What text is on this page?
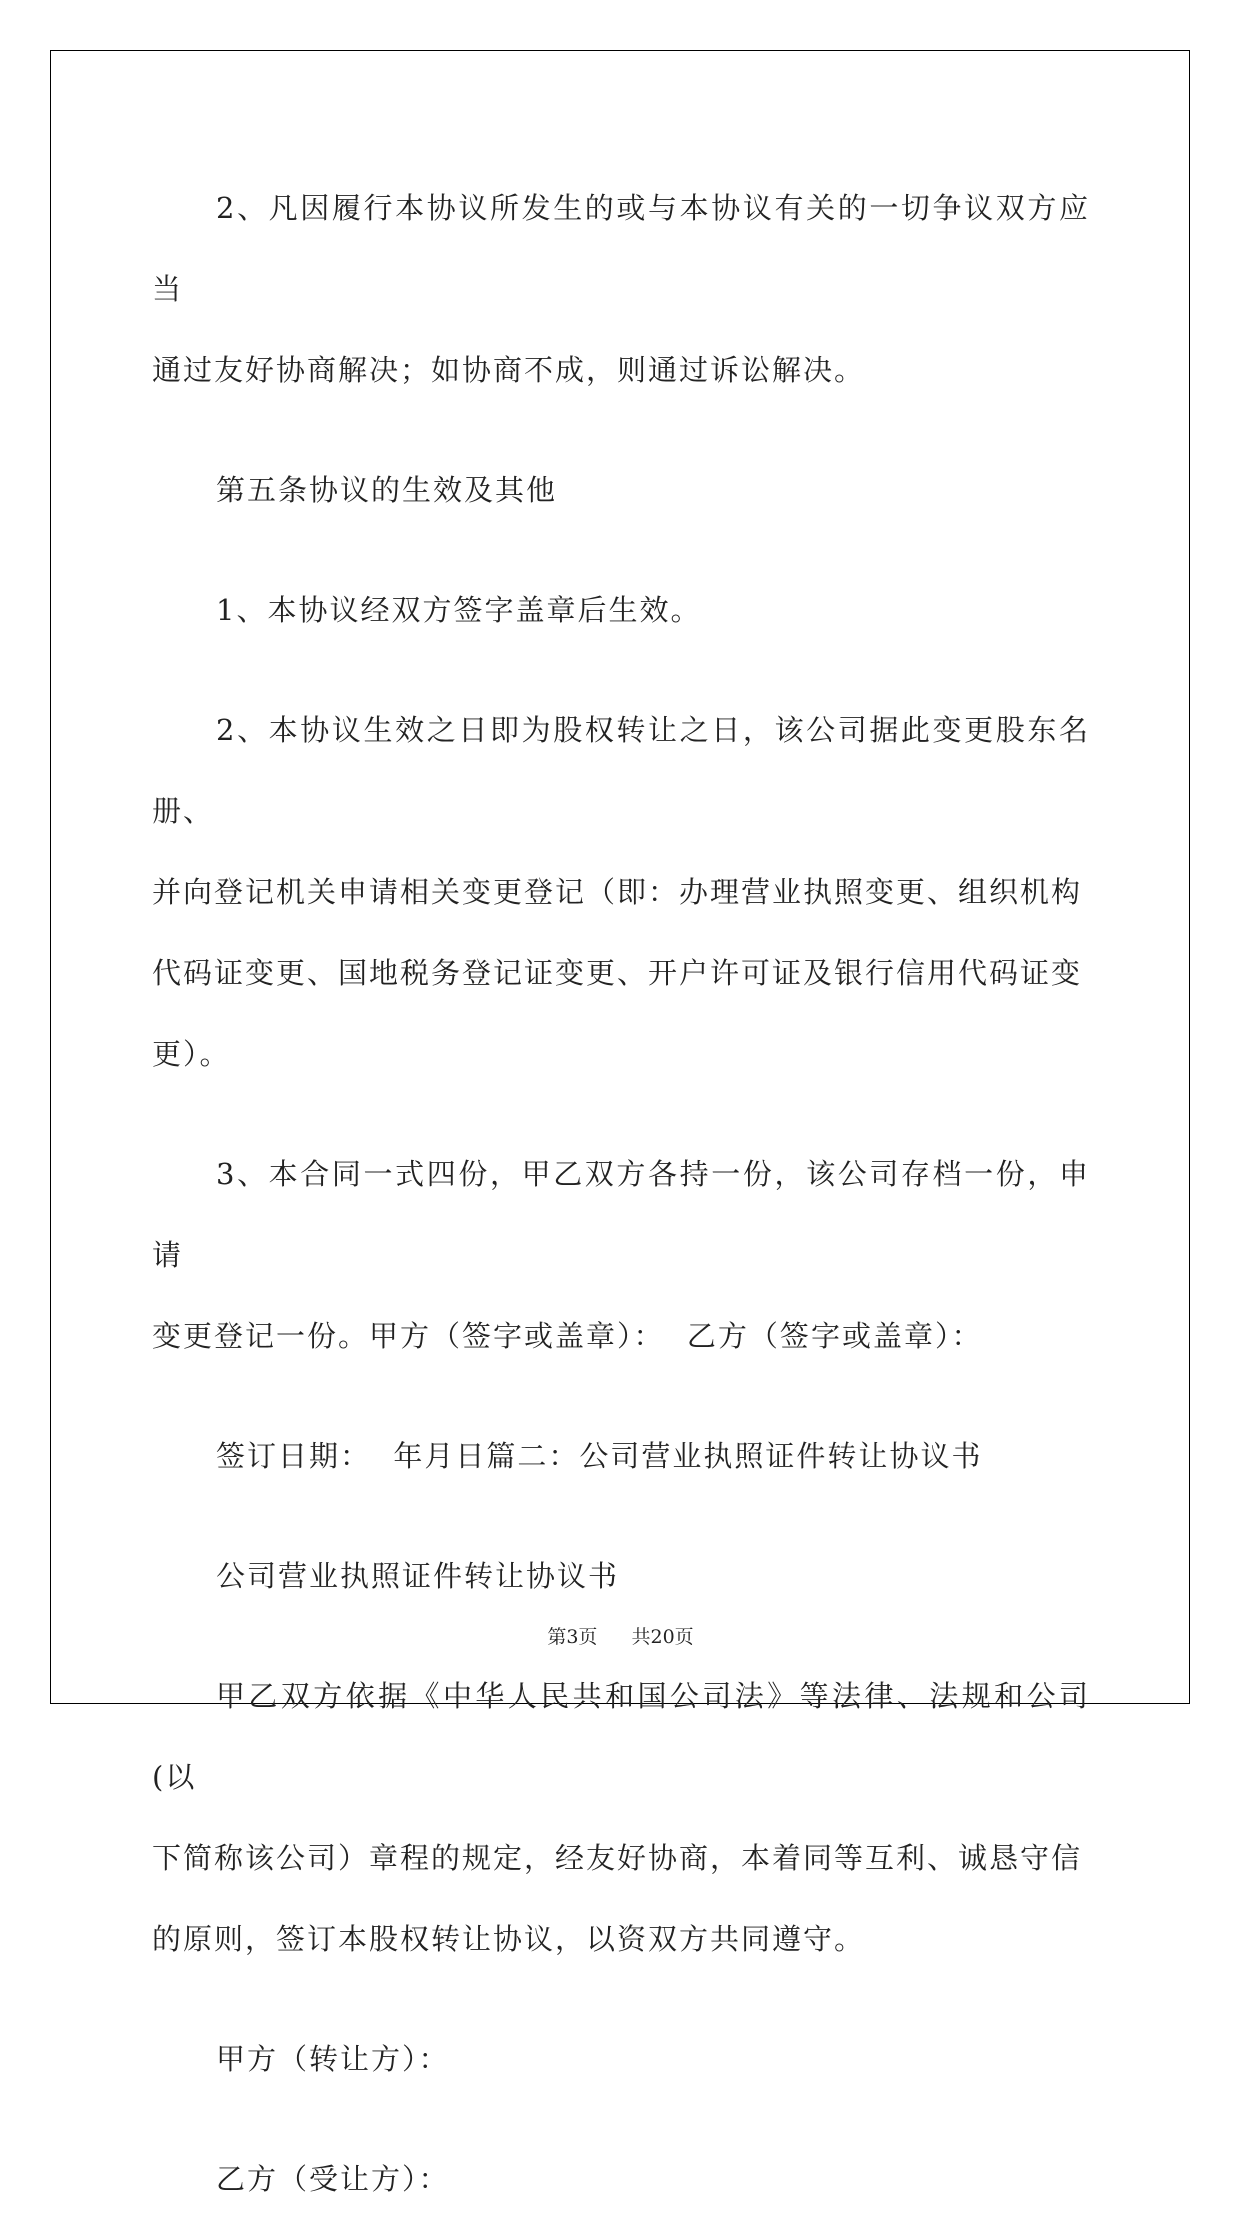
2、凡因履行本协议所发生的或与本协议有关的一切争议双方应当
通过友好协商解决；如协商不成，则通过诉讼解决。

第五条协议的生效及其他

1、本协议经双方签字盖章后生效。

2、本协议生效之日即为股权转让之日，该公司据此变更股东名册、
并向登记机关申请相关变更登记（即：办理营业执照变更、组织机构
代码证变更、国地税务登记证变更、开户许可证及银行信用代码证变
更）。

3、本合同一式四份，甲乙双方各持一份，该公司存档一份，申请
变更登记一份。甲方（签字或盖章）：  乙方（签字或盖章）：

签订日期：  年月日篇二：公司营业执照证件转让协议书

公司营业执照证件转让协议书

甲乙双方依据《中华人民共和国公司法》等法律、法规和公司(以
下简称该公司）章程的规定，经友好协商，本着同等互利、诚恳守信
的原则，签订本股权转让协议，以资双方共同遵守。

甲方（转让方）：

乙方（受让方）：

第3页 共20页
